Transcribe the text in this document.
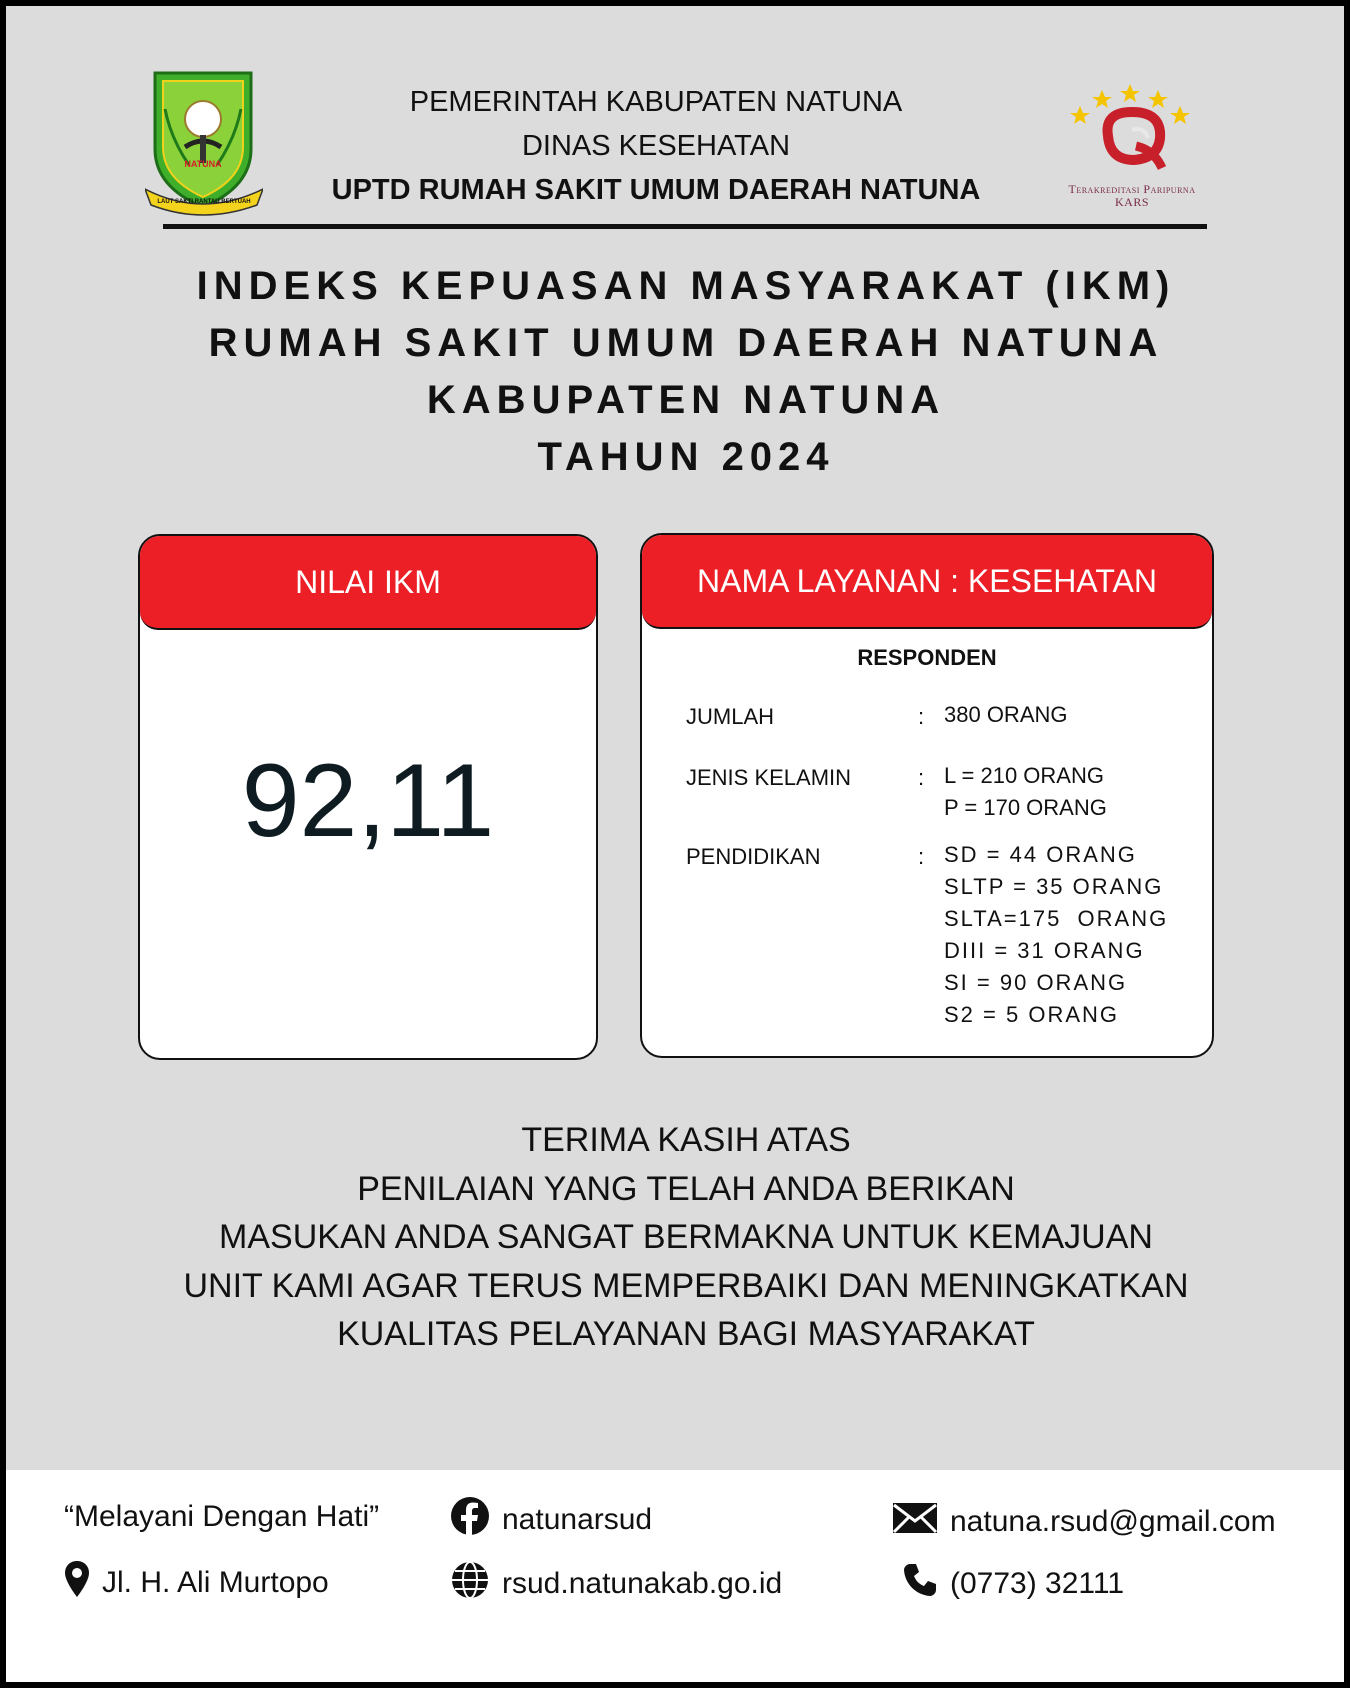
NATUNA
LAUT SAKTI RANTAU BERTUAH
PEMERINTAH KABUPATEN NATUNA
DINAS KESEHATAN
UPTD RUMAH SAKIT UMUM DAERAH NATUNA	Terakreditasi Paripurna
KARS
INDEKS KEPUASAN MASYARAKAT (IKM)
RUMAH SAKIT UMUM DAERAH NATUNA
KABUPATEN NATUNA
TAHUN 2024
NILAI IKM
92,11
NAMA LAYANAN : KESEHATAN
RESPONDEN
JUMLAH	: 380 ORANG
JENIS KELAMIN	: L = 210 ORANG
P = 170 ORANG
PENDIDIKAN	: SD = 44 ORANG
SLTP = 35 ORANG
SLTA=175  ORANG
DIII = 31 ORANG
SI = 90 ORANG
S2 = 5 ORANG
TERIMA KASIH ATAS
PENILAIAN YANG TELAH ANDA BERIKAN
MASUKAN ANDA SANGAT BERMAKNA UNTUK KEMAJUAN
UNIT KAMI AGAR TERUS MEMPERBAIKI DAN MENINGKATKAN
KUALITAS PELAYANAN BAGI MASYARAKAT
“Melayani Dengan Hati”
Jl. H. Ali Murtopo
natunarsud
rsud.natunakab.go.id
natuna.rsud@gmail.com
(0773) 32111
